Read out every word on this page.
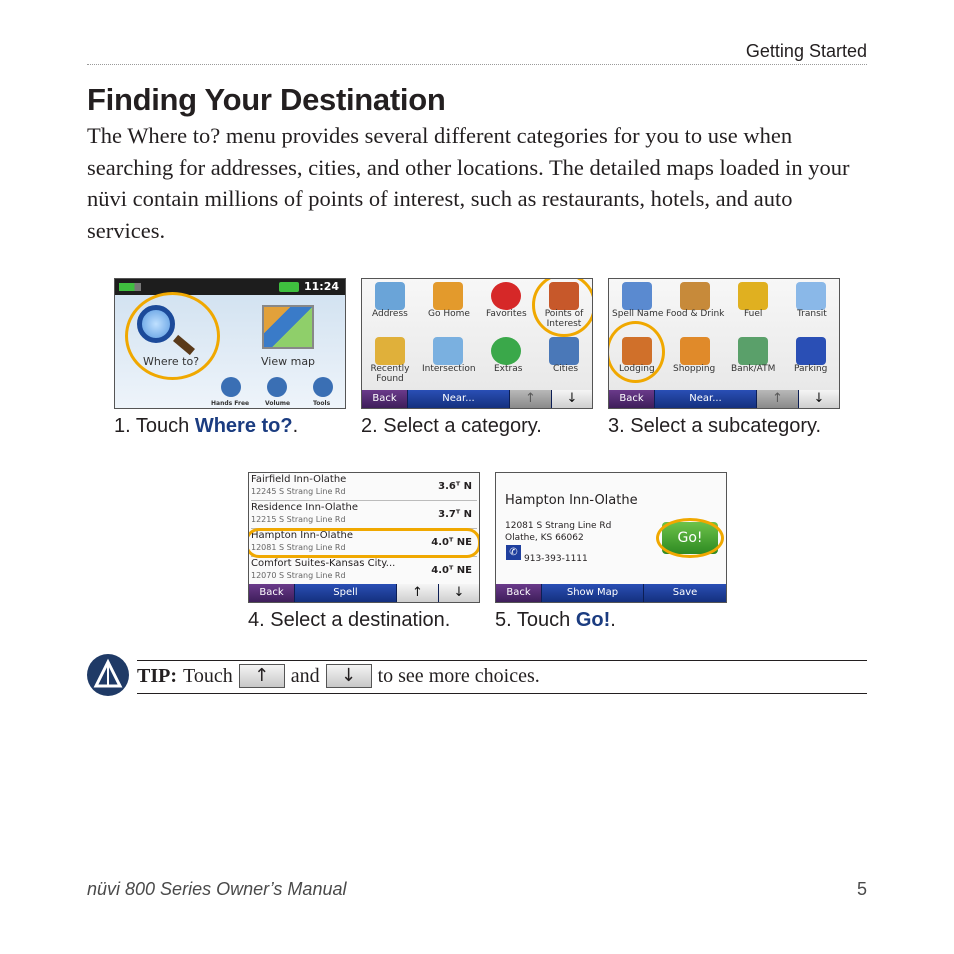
Getting Started
Finding Your Destination

The Where to? menu provides several different categories for you to use when searching for addresses, cities, and other locations. The detailed maps loaded in your nüvi contain millions of points of interest, such as restaurants, hotels, and auto services.

11:24
Where to?	View map
Hands Free	Volume	Tools
1. Touch Where to?.
Address Go Home Favorites Points of Interest
Recently Found
Intersection Extras	Cities
Back	Near...	↑	↓
2. Select a category.
Spell Name Food & Drink Fuel	Transit
Lodging Shopping Bank/ATM Parking
Back	Near...	↑	↓
3. Select a subcategory.
Fairfield Inn-Olathe
12245 S Strang Line Rd	3.6ᵀ N
Residence Inn-Olathe
12215 S Strang Line Rd	3.7ᵀ N
Hampton Inn-Olathe
12081 S Strang Line Rd	4.0ᵀ NE
Comfort Suites-Kansas City...
12070 S Strang Line Rd	4.0ᵀ NE
Back	Spell	↑	↓
4. Select a destination.
Hampton Inn-Olathe
12081 S Strang Line Rd
Olathe, KS 66062
✆
913-393-1111
Go!
Back	Show Map	Save
5. Touch Go!.
TIP: Touch	↑	and	↓	to see more choices.
nüvi 800 Series Owner’s Manual	5
